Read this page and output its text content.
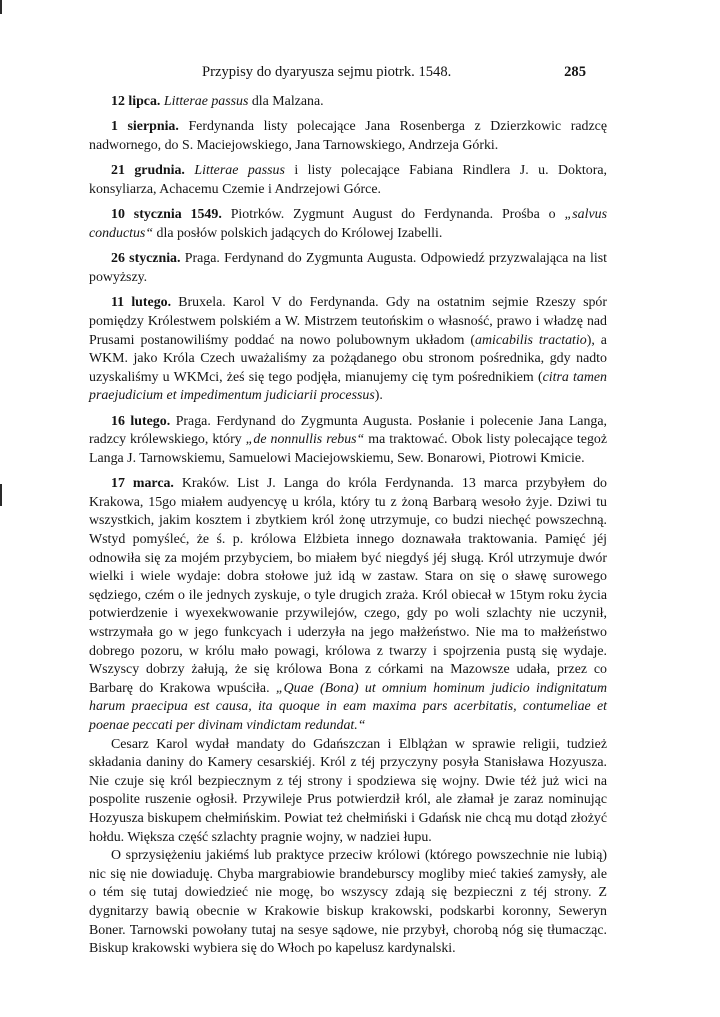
Przypisy do dyaryusza sejmu piotrk. 1548.	285

12 lipca. Litterae passus dla Malzana.

1 sierpnia. Ferdynanda listy polecające Jana Rosenberga z Dzierzkowic radzcę nadwornego, do S. Maciejowskiego, Jana Tarnowskiego, Andrzeja Górki.

21 grudnia. Litterae passus i listy polecające Fabiana Rindlera J. u. Doktora, konsyliarza, Achacemu Czemie i Andrzejowi Górce.

10 stycznia 1549. Piotrków. Zygmunt August do Ferdynanda. Prośba o „salvus conductus“ dla posłów polskich jadących do Królowej Izabelli.

26 stycznia. Praga. Ferdynand do Zygmunta Augusta. Odpowiedź przyzwalająca na list powyższy.

11 lutego. Bruxela. Karol V do Ferdynanda. Gdy na ostatnim sejmie Rzeszy spór pomiędzy Królestwem polskiém a W. Mistrzem teutońskim o własność, prawo i władzę nad Prusami postanowiliśmy poddać na nowo polubownym układom (amicabilis tractatio), a WKM. jako Króla Czech uważaliśmy za pożądanego obu stronom pośrednika, gdy nadto uzyskaliśmy u WKMci, żeś się tego podjęła, mianujemy cię tym pośrednikiem (citra tamen praejudicium et impedimentum judiciarii processus).

16 lutego. Praga. Ferdynand do Zygmunta Augusta. Posłanie i polecenie Jana Langa, radzcy królewskiego, który „de nonnullis rebus“ ma traktować. Obok listy polecające tegoż Langa J. Tarnowskiemu, Samuelowi Maciejowskiemu, Sew. Bonarowi, Piotrowi Kmicie.

17 marca. Kraków. List J. Langa do króla Ferdynanda. 13 marca przybyłem do Krakowa, 15go miałem audyencyę u króla, który tu z żoną Barbarą wesoło żyje. Dziwi tu wszystkich, jakim kosztem i zbytkiem król żonę utrzymuje, co budzi niechęć powszechną. Wstyd pomyśleć, że ś. p. królowa Elżbieta innego doznawała traktowania. Pamięć jéj odnowiła się za mojém przybyciem, bo miałem być niegdyś jéj sługą. Król utrzymuje dwór wielki i wiele wydaje: dobra stołowe już idą w zastaw. Stara on się o sławę surowego sędziego, czém o ile jednych zyskuje, o tyle drugich zraża. Król obiecał w 15tym roku życia potwierdzenie i wyexekwowanie przywilejów, czego, gdy po woli szlachty nie uczynił, wstrzymała go w jego funkcyach i uderzyła na jego małżeństwo. Nie ma to małżeństwo dobrego pozoru, w królu mało powagi, królowa z twarzy i spojrzenia pustą się wydaje. Wszyscy dobrzy żałują, że się królowa Bona z córkami na Mazowsze udała, przez co Barbarę do Krakowa wpuściła. „Quae (Bona) ut omnium hominum judicio indignitatum harum praecipua est causa, ita quoque in eam maxima pars acerbitatis, contumeliae et poenae peccati per divinam vindictam redundat.“

Cesarz Karol wydał mandaty do Gdańszczan i Elblążan w sprawie religii, tudzież składania daniny do Kamery cesarskiéj. Król z téj przyczyny posyła Stanisława Hozyusza. Nie czuje się król bezpiecznym z téj strony i spodziewa się wojny. Dwie téż już wici na pospolite ruszenie ogłosił. Przywileje Prus potwierdził król, ale złamał je zaraz nominując Hozyusza biskupem chełmińskim. Powiat też chełmiński i Gdańsk nie chcą mu dotąd złożyć hołdu. Większa część szlachty pragnie wojny, w nadziei łupu.

O sprzysiężeniu jakiémś lub praktyce przeciw królowi (którego powszechnie nie lubią) nic się nie dowiaduję. Chyba margrabiowie brandeburscy mogliby mieć takieś zamysły, ale o tém się tutaj dowiedzieć nie mogę, bo wszyscy zdają się bezpieczni z téj strony. Z dygnitarzy bawią obecnie w Krakowie biskup krakowski, podskarbi koronny, Seweryn Boner. Tarnowski powołany tutaj na sesye sądowe, nie przybył, chorobą nóg się tłumacząc. Biskup krakowski wybiera się do Włoch po kapelusz kardynalski.
